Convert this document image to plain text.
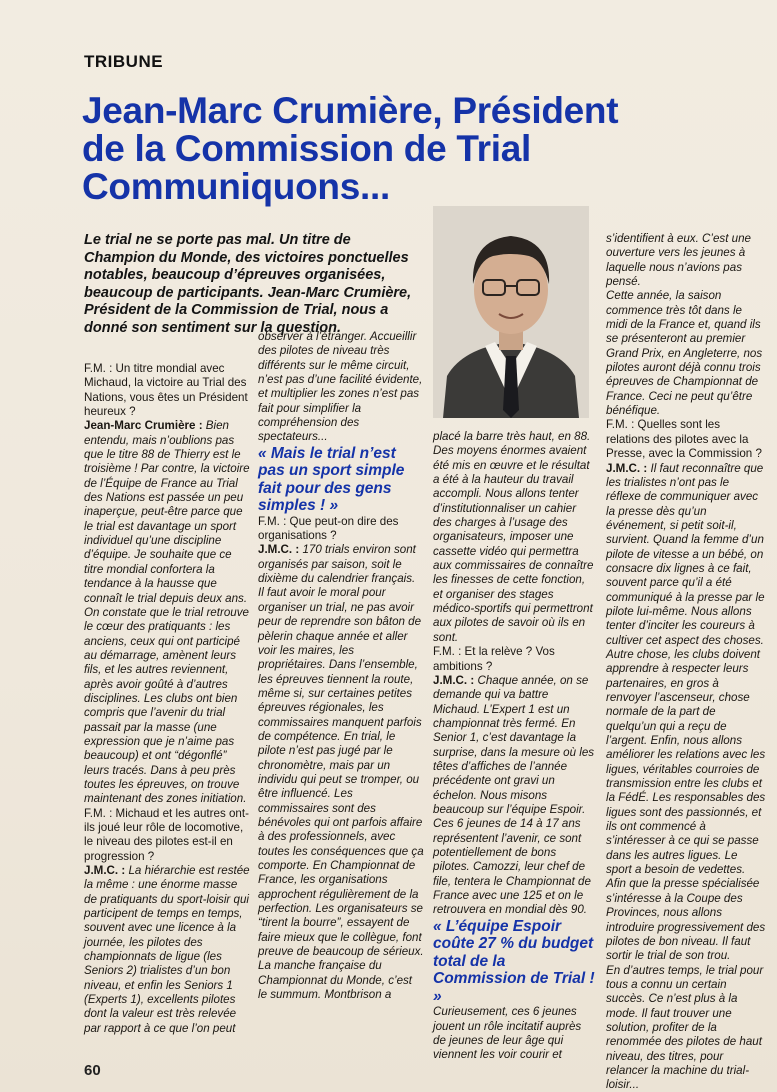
TRIBUNE
Jean-Marc Crumière, Président
de la Commission de Trial
Communiquons...
Le trial ne se porte pas mal. Un titre de Champion du Monde, des victoires ponctuelles notables, beaucoup d’épreuves organisées, beaucoup de participants. Jean-Marc Crumière, Président de la Commission de Trial, nous a donné son sentiment sur la question.

F.M. : Un titre mondial avec Michaud, la victoire au Trial des Nations, vous êtes un Président heureux ?

Jean-Marc Crumière : Bien entendu, mais n’oublions pas que le titre 88 de Thierry est le troisième ! Par contre, la victoire de l’Équipe de France au Trial des Nations est passée un peu inaperçue, peut-être parce que le trial est davantage un sport individuel qu’une discipline d’équipe. Je souhaite que ce titre mondial confortera la tendance à la hausse que connaît le trial depuis deux ans. On constate que le trial retrouve le cœur des pratiquants : les anciens, ceux qui ont participé au démarrage, amènent leurs fils, et les autres reviennent, après avoir goûté à d’autres disciplines. Les clubs ont bien compris que l’avenir du trial passait par la masse (une expression que je n’aime pas beaucoup) et ont “dégonflé” leurs tracés. Dans à peu près toutes les épreuves, on trouve maintenant des zones initiation.

F.M. : Michaud et les autres ont-ils joué leur rôle de locomotive, le niveau des pilotes est-il en progression ?

J.M.C. : La hiérarchie est restée la même : une énorme masse de pratiquants du sport-loisir qui participent de temps en temps, souvent avec une licence à la journée, les pilotes des championnats de ligue (les Seniors 2) trialistes d’un bon niveau, et enfin les Seniors 1 (Experts 1), excellents pilotes dont la valeur est très relevée par rapport à ce que l’on peut

observer à l’étranger. Accueillir des pilotes de niveau très différents sur le même circuit, n’est pas d’une facilité évidente, et multiplier les zones n’est pas fait pour simplifier la compréhension des spectateurs...

« Mais le trial n’est pas un sport simple fait pour des gens simples ! »

F.M. : Que peut-on dire des organisations ?

J.M.C. : 170 trials environ sont organisés par saison, soit le dixième du calendrier français. Il faut avoir le moral pour organiser un trial, ne pas avoir peur de reprendre son bâton de pèlerin chaque année et aller voir les maires, les propriétaires. Dans l’ensemble, les épreuves tiennent la route, même si, sur certaines petites épreuves régionales, les commissaires manquent parfois de compétence. En trial, le pilote n’est pas jugé par le chronomètre, mais par un individu qui peut se tromper, ou être influencé. Les commissaires sont des bénévoles qui ont parfois affaire à des professionnels, avec toutes les conséquences que ça comporte. En Championnat de France, les organisations approchent régulièrement de la perfection. Les organisateurs se “tirent la bourre”, essayent de faire mieux que le collègue, font preuve de beaucoup de sérieux. La manche française du Championnat du Monde, c’est le summum. Montbrison a

placé la barre très haut, en 88. Des moyens énormes avaient été mis en œuvre et le résultat a été à la hauteur du travail accompli. Nous allons tenter d’institutionnaliser un cahier des charges à l’usage des organisateurs, imposer une cassette vidéo qui permettra aux commissaires de connaître les finesses de cette fonction, et organiser des stages médico-sportifs qui permettront aux pilotes de savoir où ils en sont.

F.M. : Et la relève ? Vos ambitions ?

J.M.C. : Chaque année, on se demande qui va battre Michaud. L’Expert 1 est un championnat très fermé. En Senior 1, c’est davantage la surprise, dans la mesure où les têtes d’affiches de l’année précédente ont gravi un échelon. Nous misons beaucoup sur l’équipe Espoir. Ces 6 jeunes de 14 à 17 ans représentent l’avenir, ce sont potentiellement de bons pilotes. Camozzi, leur chef de file, tentera le Championnat de France avec une 125 et on le retrouvera en mondial dès 90.

« L’équipe Espoir coûte 27 % du budget total de la Commission de Trial ! »

Curieusement, ces 6 jeunes jouent un rôle incitatif auprès de jeunes de leur âge qui viennent les voir courir et

s’identifient à eux. C’est une ouverture vers les jeunes à laquelle nous n’avions pas pensé.

Cette année, la saison commence très tôt dans le midi de la France et, quand ils se présenteront au premier Grand Prix, en Angleterre, nos pilotes auront déjà connu trois épreuves de Championnat de France. Ceci ne peut qu’être bénéfique.

F.M. : Quelles sont les relations des pilotes avec la Presse, avec la Commission ?

J.M.C. : Il faut reconnaître que les trialistes n’ont pas le réflexe de communiquer avec la presse dès qu’un événement, si petit soit-il, survient. Quand la femme d’un pilote de vitesse a un bébé, on consacre dix lignes à ce fait, souvent parce qu’il a été communiqué à la presse par le pilote lui-même. Nous allons tenter d’inciter les coureurs à cultiver cet aspect des choses. Autre chose, les clubs doivent apprendre à respecter leurs partenaires, en gros à renvoyer l’ascenseur, chose normale de la part de quelqu’un qui a reçu de l’argent. Enfin, nous allons améliorer les relations avec les ligues, véritables courroies de transmission entre les clubs et la FédÉ. Les responsables des ligues sont des passionnés, et ils ont commencé à s’intéresser à ce qui se passe dans les autres ligues. Le sport a besoin de vedettes. Afin que la presse spécialisée s’intéresse à la Coupe des Provinces, nous allons introduire progressivement des pilotes de bon niveau. Il faut sortir le trial de son trou.

En d’autres temps, le trial pour tous a connu un certain succès. Ce n’est plus à la mode. Il faut trouver une solution, profiter de la renommée des pilotes de haut niveau, des titres, pour relancer la machine du trial-loisir...

60
